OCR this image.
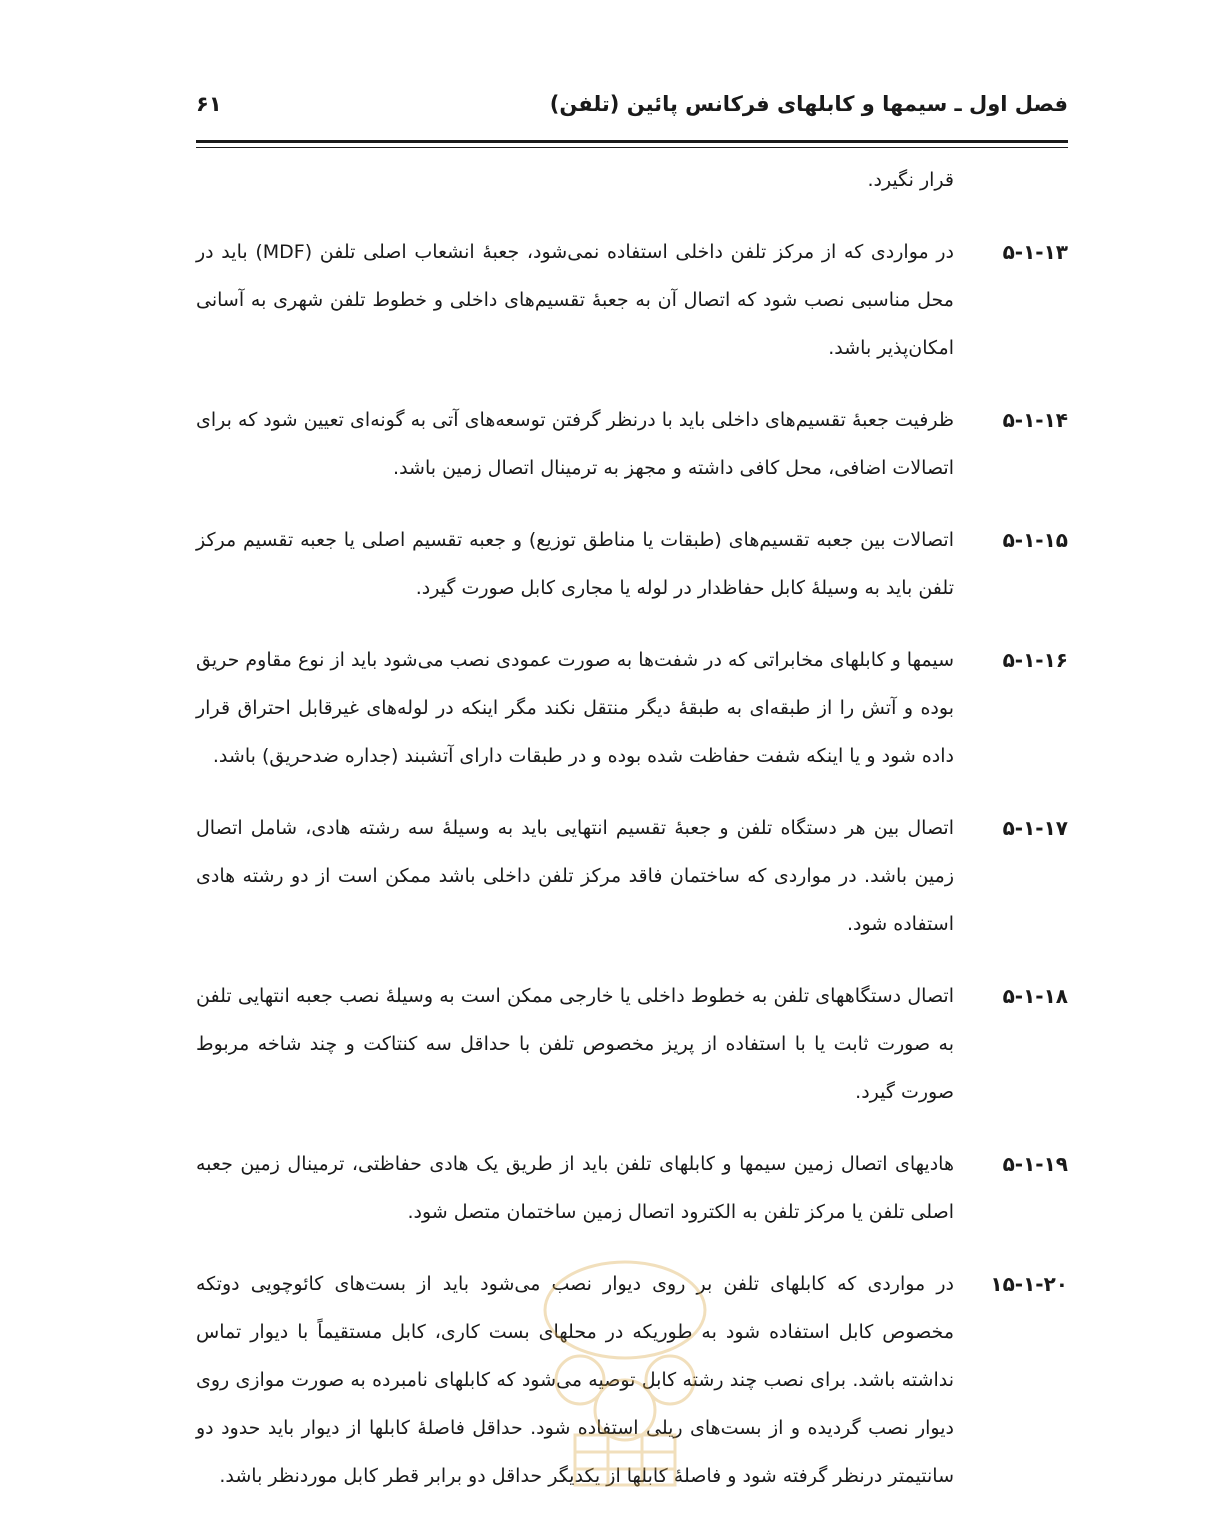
فصل اول ـ سیمها و کابلهای فرکانس پائین (تلفن)
۶۱
قرار نگیرد.
۵-۱-۱۳
در مواردی که از مرکز تلفن داخلی استفاده نمی‌شود، جعبهٔ انشعاب اصلی تلفن (MDF) باید در محل مناسبی نصب شود که اتصال آن به جعبهٔ تقسیم‌های داخلی و خطوط تلفن شهری به آسانی امکان‌پذیر باشد.
۵-۱-۱۴
ظرفیت جعبهٔ تقسیم‌های داخلی باید با درنظر گرفتن توسعه‌های آتی به گونه‌ای تعیین شود که برای اتصالات اضافی، محل کافی داشته و مجهز به ترمینال اتصال زمین باشد.
۵-۱-۱۵
اتصالات بین جعبه تقسیم‌های (طبقات یا مناطق توزیع) و جعبه تقسیم اصلی یا جعبه تقسیم مرکز تلفن باید به وسیلهٔ کابل حفاظدار در لوله یا مجاری کابل صورت گیرد.
۵-۱-۱۶
سیمها و کابلهای مخابراتی که در شفت‌ها به صورت عمودی نصب می‌شود باید از نوع مقاوم حریق بوده و آتش را از طبقه‌ای به طبقهٔ دیگر منتقل نکند مگر اینکه در لوله‌های غیرقابل احتراق قرار داده شود و یا اینکه شفت حفاظت شده بوده و در طبقات دارای آتشبند (جداره ضدحریق) باشد.
۵-۱-۱۷
اتصال بین هر دستگاه تلفن و جعبهٔ تقسیم انتهایی باید به وسیلهٔ سه رشته هادی، شامل اتصال زمین باشد. در مواردی که ساختمان فاقد مرکز تلفن داخلی باشد ممکن است از دو رشته هادی استفاده شود.
۵-۱-۱۸
اتصال دستگاههای تلفن به خطوط داخلی یا خارجی ممکن است به وسیلهٔ نصب جعبه انتهایی تلفن به صورت ثابت یا با استفاده از پریز مخصوص تلفن با حداقل سه کنتاکت و چند شاخه مربوط صورت گیرد.
۵-۱-۱۹
هادیهای اتصال زمین سیمها و کابلهای تلفن باید از طریق یک هادی حفاظتی، ترمینال زمین جعبه اصلی تلفن یا مرکز تلفن به الکترود اتصال زمین ساختمان متصل شود.
۱۵-۱-۲۰
در مواردی که کابلهای تلفن بر روی دیوار نصب می‌شود باید از بست‌های کائوچویی دوتکه مخصوص کابل استفاده شود به طوریکه در محلهای بست کاری، کابل مستقیماً با دیوار تماس نداشته باشد. برای نصب چند رشته کابل توصیه می‌شود که کابلهای نامبرده به صورت موازی روی دیوار نصب گردیده و از بست‌های ریلی استفاده شود. حداقل فاصلهٔ کابلها از دیوار باید حدود دو سانتیمتر درنظر گرفته شود و فاصلهٔ کابلها از یکدیگر حداقل دو برابر قطر کابل موردنظر باشد.
